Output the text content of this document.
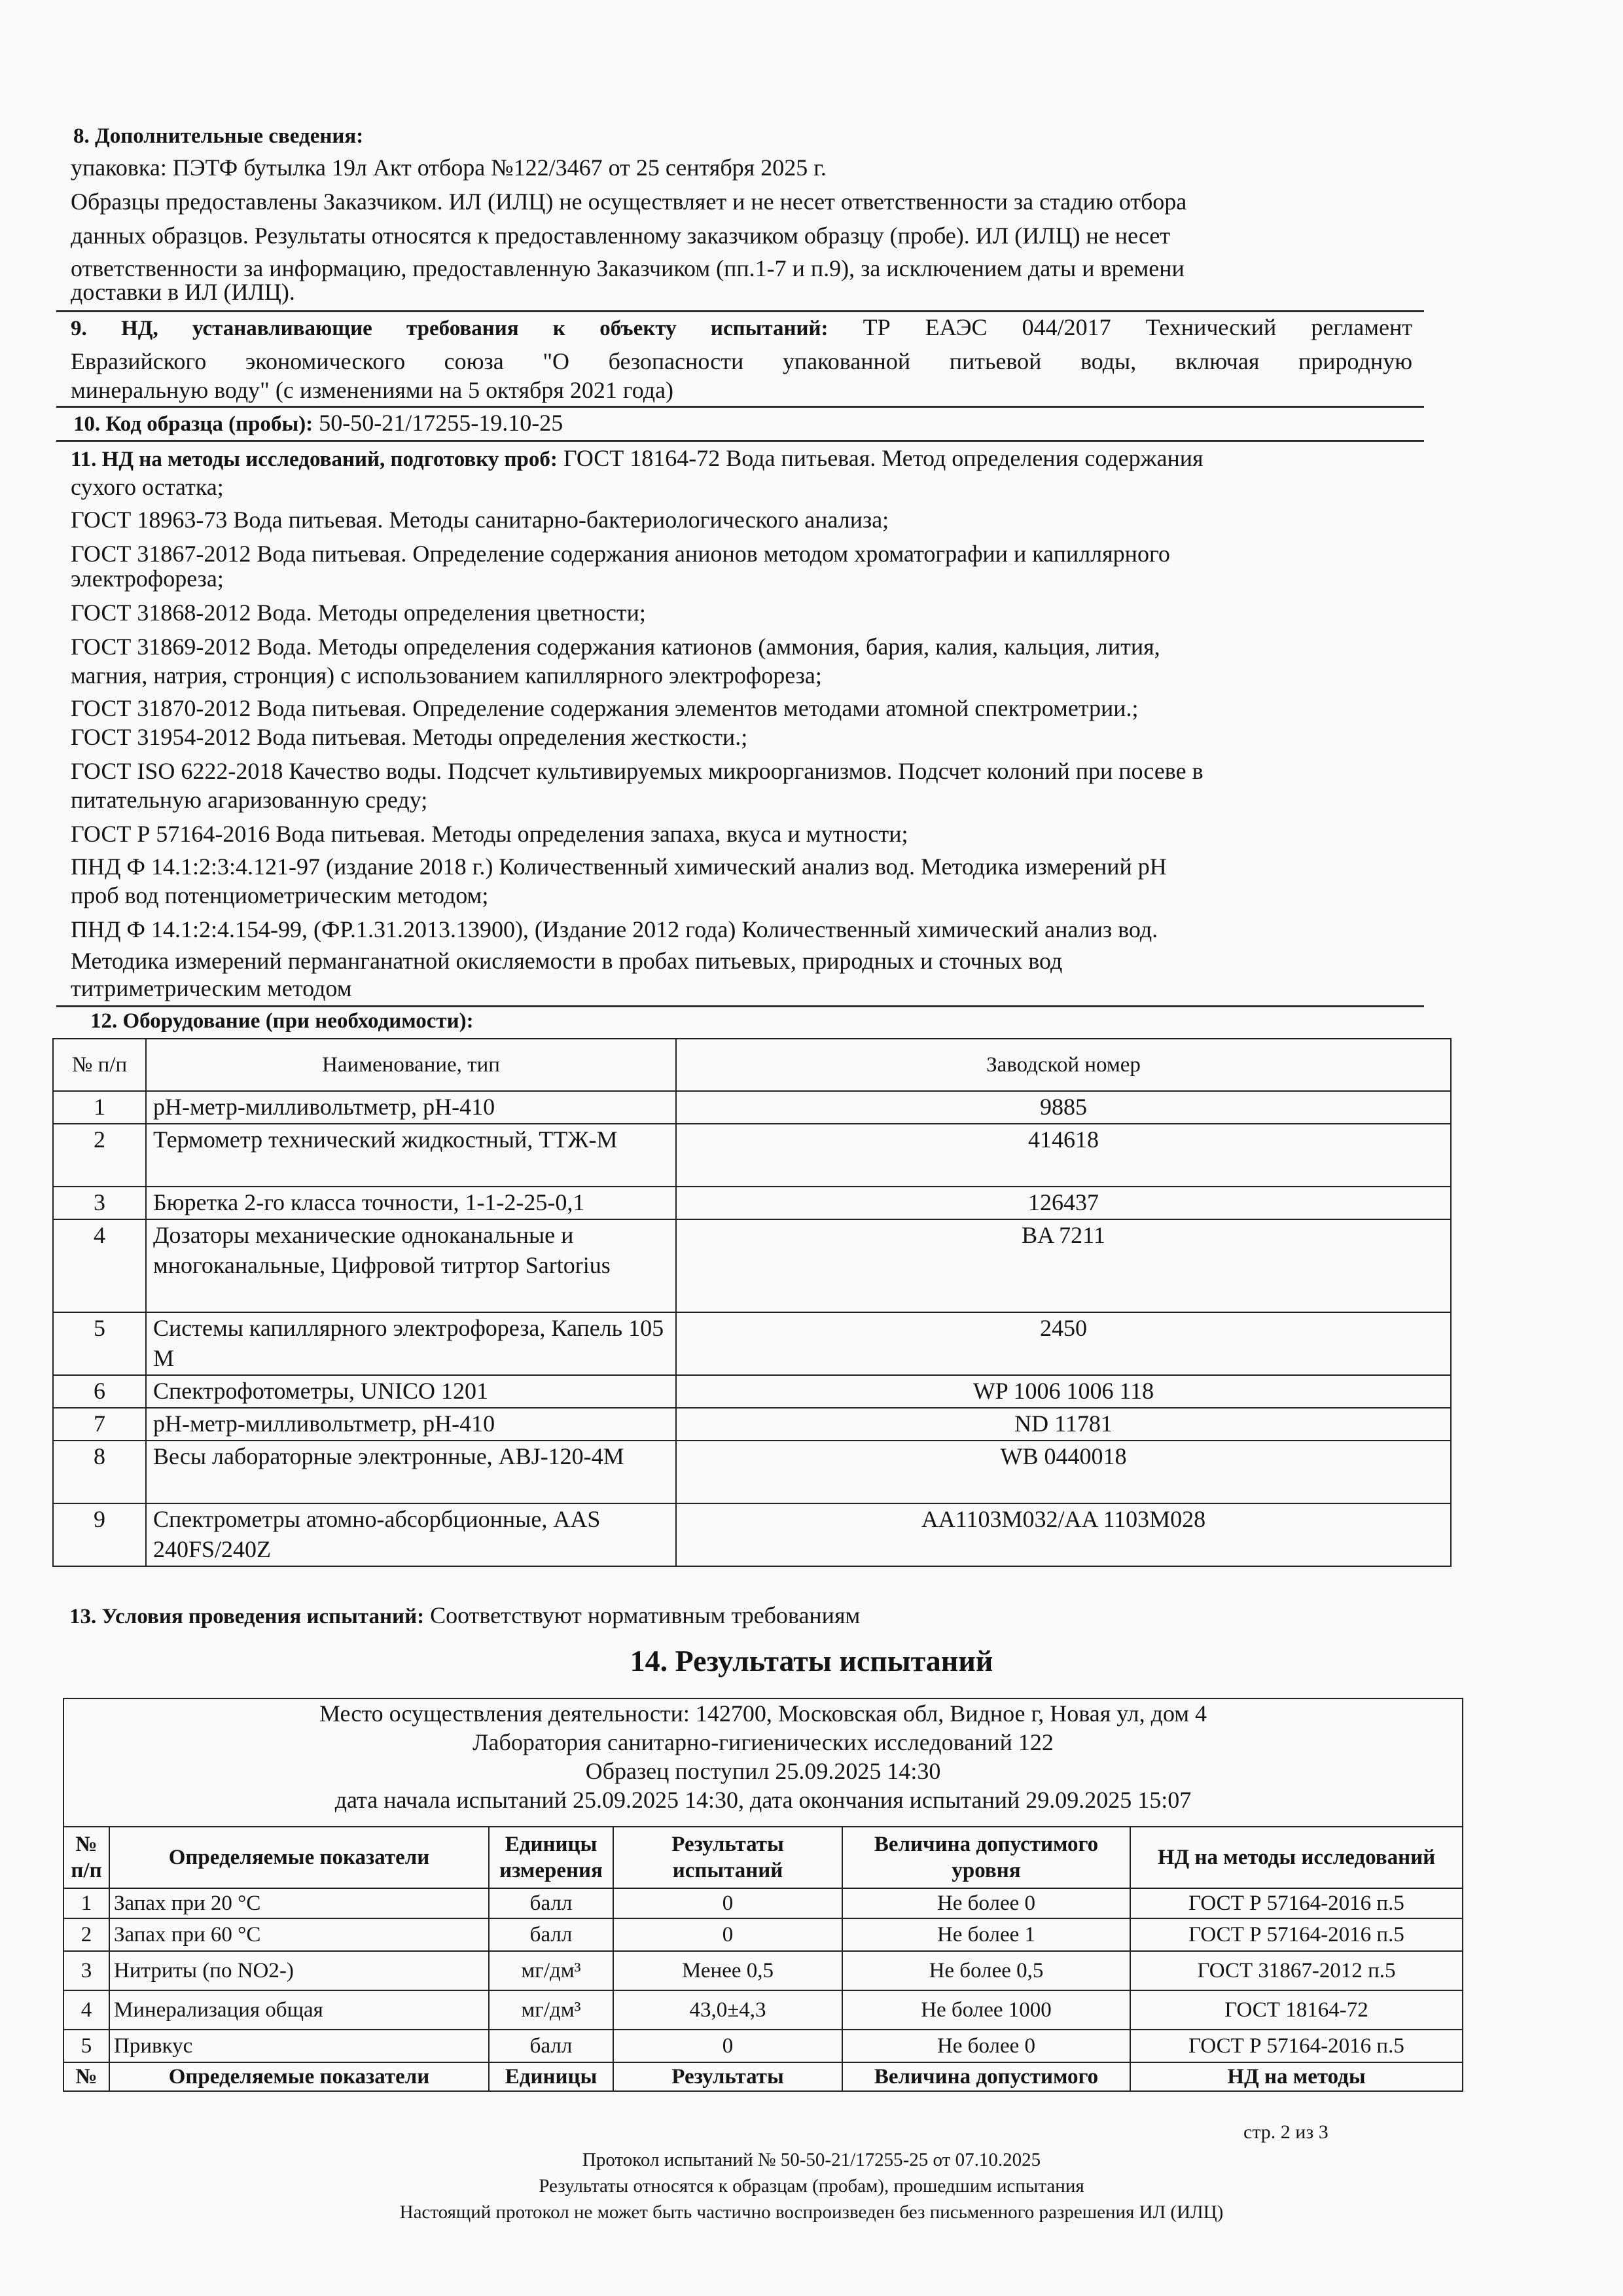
8. Дополнительные сведения:
упаковка: ПЭТФ бутылка 19л Акт отбора №122/3467 от 25 сентября 2025 г.
Образцы предоставлены Заказчиком. ИЛ (ИЛЦ) не осуществляет и не несет ответственности за стадию отбора
данных образцов. Результаты относятся к предоставленному заказчиком образцу (пробе). ИЛ (ИЛЦ) не несет
ответственности за информацию, предоставленную Заказчиком (пп.1-7 и п.9), за исключением даты и времени
доставки в ИЛ (ИЛЦ).
9. НД, устанавливающие требования к объекту испытаний: ТР ЕАЭС 044/2017 Технический регламент
Евразийского экономического союза "О безопасности упакованной питьевой воды, включая природную
минеральную воду" (с изменениями на 5 октября 2021 года)
10. Код образца (пробы): 50-50-21/17255-19.10-25
11. НД на методы исследований, подготовку проб: ГОСТ 18164-72 Вода питьевая. Метод определения содержания
сухого остатка;
ГОСТ 18963-73 Вода питьевая. Методы санитарно-бактериологического анализа;
ГОСТ 31867-2012 Вода питьевая. Определение содержания анионов методом хроматографии и капиллярного
электрофореза;
ГОСТ 31868-2012 Вода. Методы определения цветности;
ГОСТ 31869-2012 Вода. Методы определения содержания катионов (аммония, бария, калия, кальция, лития,
магния, натрия, стронция) с использованием капиллярного электрофореза;
ГОСТ 31870-2012 Вода питьевая. Определение содержания элементов методами атомной спектрометрии.;
ГОСТ 31954-2012 Вода питьевая. Методы определения жесткости.;
ГОСТ ISO 6222-2018 Качество воды. Подсчет культивируемых микроорганизмов. Подсчет колоний при посеве в
питательную агаризованную среду;
ГОСТ Р 57164-2016 Вода питьевая. Методы определения запаха, вкуса и мутности;
ПНД Ф 14.1:2:3:4.121-97 (издание 2018 г.) Количественный химический анализ вод. Методика измерений pH
проб вод потенциометрическим методом;
ПНД Ф 14.1:2:4.154-99, (ФР.1.31.2013.13900), (Издание 2012 года) Количественный химический анализ вод.
Методика измерений перманганатной окисляемости в пробах питьевых, природных и сточных вод
титриметрическим методом
12. Оборудование (при необходимости):
№ п/п	Наименование, тип	Заводской номер
1	pH-метр-милливольтметр, pH-410	9885
2	Термометр технический жидкостный, ТТЖ-М	414618
3	Бюретка 2-го класса точности, 1-1-2-25-0,1	126437
4	Дозаторы механические одноканальные и многоканальные, Цифровой титртор Sartorius	BA 7211
5	Системы капиллярного электрофореза, Капель 105 М	2450
6	Спектрофотометры, UNICO 1201	WP 1006 1006 118
7	pH-метр-милливольтметр, pH-410	ND 11781
8	Весы лабораторные электронные, ABJ-120-4M	WB 0440018
9	Спектрометры атомно-абсорбционные, AAS 240FS/240Z	AA1103M032/AA 1103M028
13. Условия проведения испытаний: Соответствуют нормативным требованиям
14. Результаты испытаний
Место осуществления деятельности: 142700, Московская обл, Видное г, Новая ул, дом 4
Лаборатория санитарно-гигиенических исследований 122
Образец поступил 25.09.2025 14:30
дата начала испытаний 25.09.2025 14:30, дата окончания испытаний 29.09.2025 15:07					

№ п/п	Определяемые показатели	Единицы измерения	Результаты испытаний	Величина допустимого уровня	НД на методы исследований
1	Запах при 20 °С	балл	0	Не более 0	ГОСТ Р 57164-2016 п.5
2	Запах при 60 °С	балл	0	Не более 1	ГОСТ Р 57164-2016 п.5
3	Нитриты (по NO2-)	мг/дм³	Менее 0,5	Не более 0,5	ГОСТ 31867-2012 п.5
4	Минерализация общая	мг/дм³	43,0±4,3	Не более 1000	ГОСТ 18164-72
5	Привкус	балл	0	Не более 0	ГОСТ Р 57164-2016 п.5
№	Определяемые показатели	Единицы	Результаты	Величина допустимого	НД на методы
стр. 2 из 3
Протокол испытаний № 50-50-21/17255-25 от 07.10.2025
Результаты относятся к образцам (пробам), прошедшим испытания
Настоящий протокол не может быть частично воспроизведен без письменного разрешения ИЛ (ИЛЦ)
